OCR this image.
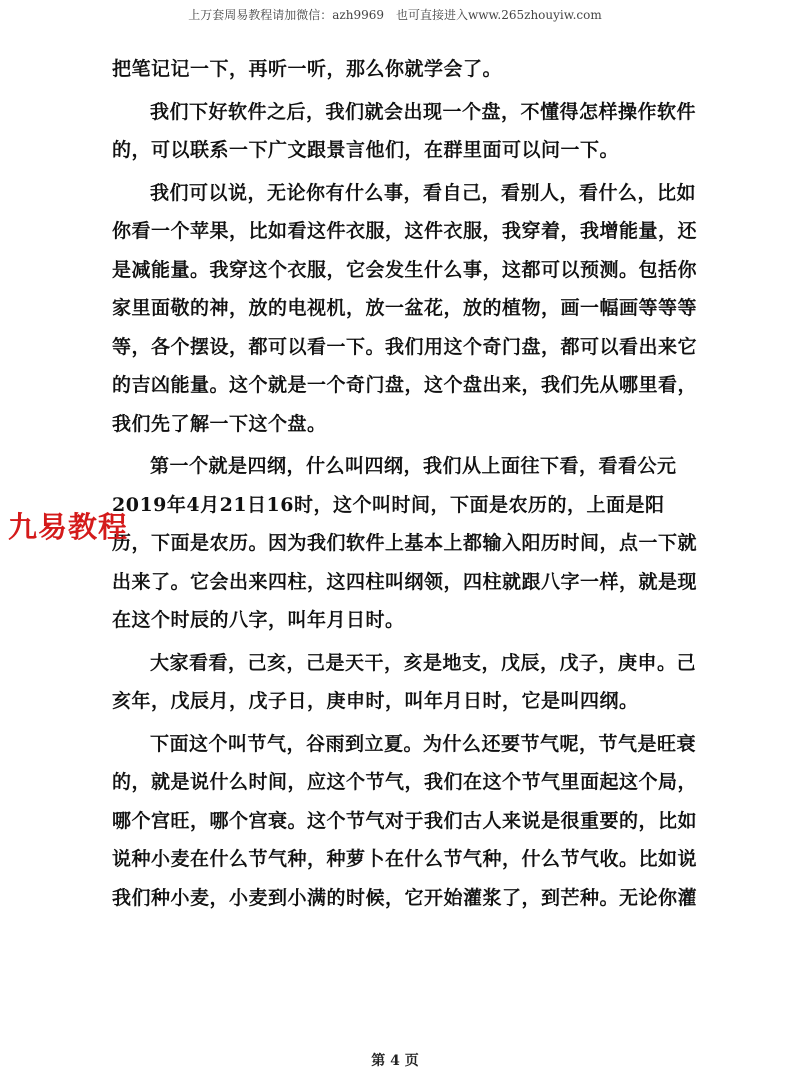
上万套周易教程请加微信：azh9969 也可直接进入www.265zhouyiw.com

把笔记记一下，再听一听，那么你就学会了。

我们下好软件之后，我们就会出现一个盘，不懂得怎样操作软件的，可以联系一下广文跟景言他们，在群里面可以问一下。

我们可以说，无论你有什么事，看自己，看别人，看什么，比如你看一个苹果，比如看这件衣服，这件衣服，我穿着，我增能量，还是减能量。我穿这个衣服，它会发生什么事，这都可以预测。包括你家里面敬的神，放的电视机，放一盆花，放的植物，画一幅画等等等等，各个摆设，都可以看一下。我们用这个奇门盘，都可以看出来它的吉凶能量。这个就是一个奇门盘，这个盘出来，我们先从哪里看，我们先了解一下这个盘。

第一个就是四纲，什么叫四纲，我们从上面往下看，看看公元2019年4月21日16时，这个叫时间，下面是农历的，上面是阳历，下面是农历。因为我们软件上基本上都输入阳历时间，点一下就出来了。它会出来四柱，这四柱叫纲领，四柱就跟八字一样，就是现在这个时辰的八字，叫年月日时。

大家看看，己亥，己是天干，亥是地支，戊辰，戊子，庚申。己亥年，戊辰月，戊子日，庚申时，叫年月日时，它是叫四纲。

下面这个叫节气，谷雨到立夏。为什么还要节气呢，节气是旺衰的，就是说什么时间，应这个节气，我们在这个节气里面起这个局，哪个宫旺，哪个宫衰。这个节气对于我们古人来说是很重要的，比如说种小麦在什么节气种，种萝卜在什么节气种，什么节气收。比如说我们种小麦，小麦到小满的时候，它开始灌浆了，到芒种。无论你灌

九易教程
第 4 页
